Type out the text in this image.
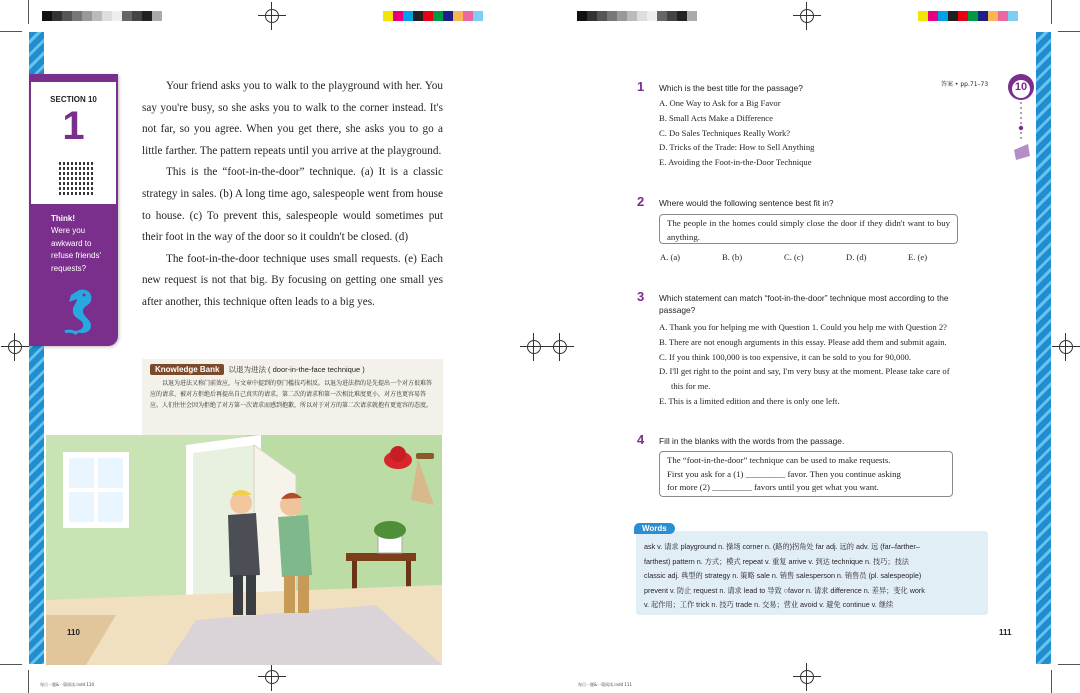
每日一题&一篇阅读.indd 110	每日一题&一篇阅读.indd 111
SECTION 10
1
Think!
Were you awkward to refuse friends' requests?

Your friend asks you to walk to the playground with her. You say you're busy, so she asks you to walk to the corner instead. It's not far, so you agree. When you get there, she asks you to go a little farther. The pattern repeats until you arrive at the playground.

This is the “foot-in-the-door” technique. (a) It is a classic strategy in sales. (b) A long time ago, salespeople went from house to house. (c) To prevent this, salespeople would sometimes put their foot in the way of the door so it couldn't be closed. (d)

The foot-in-the-door technique uses small requests. (e) Each new request is not that big. By focusing on getting one small yes after another, this technique often leads to a big yes.

Knowledge Bank	以退为进法 ( door-in-the-face technique )
以退为进法又称门前效应，与文章中提到的登门槛技巧相反。以退为进法指的是先提出一个对方很难答应的请求，被对方拒绝后再提出自己真实的请求。第二次的请求和第一次相比难度更小，对方也更容易答应。人们往往会因为拒绝了对方第一次请求而感到抱歉，所以对于对方的第二次请求就抱有更宽容的态度。
110
答案 • pp.71–73
SECTION
10
1 Which is the best title for the passage?
A. One Way to Ask for a Big Favor
B. Small Acts Make a Difference
C. Do Sales Techniques Really Work?
D. Tricks of the Trade: How to Sell Anything
E. Avoiding the Foot-in-the-Door Technique
2 Where would the following sentence best fit in?
The people in the homes could simply close the door if they didn't want to buy anything.
A. (a)	B. (b)	C. (c)	D. (d)	E. (e)
3 Which statement can match “foot-in-the-door” technique most according to the passage?
A. Thank you for helping me with Question 1. Could you help me with Question 2?
B. There are not enough arguments in this essay. Please add them and submit again.
C. If you think 100,000 is too expensive, it can be sold to you for 90,000.
D. I'll get right to the point and say, I'm very busy at the moment. Please take care of
this for me.
E. This is a limited edition and there is only one left.
4 Fill in the blanks with the words from the passage.
The “foot-in-the-door” technique can be used to make requests.
First you ask for a (1) _________ favor. Then you continue asking
for more (2) _________ favors until you get what you want.
ask v. 请求 playground n. 操场 corner n. (路的)拐角处 far adj. 远的 adv. 远 (far–farther–
farthest) pattern n. 方式；模式 repeat v. 重复 arrive v. 到达 technique n. 技巧；技法
classic adj. 典型的 strategy n. 策略 sale n. 销售 salesperson n. 销售员 (pl. salespeople)
prevent v. 防止 request n. 请求 lead to 导致 ○favor n. 请求 difference n. 差异；变化 work
v. 起作用；工作 trick n. 技巧 trade n. 交易；营业 avoid v. 避免 continue v. 继续
Words
111
